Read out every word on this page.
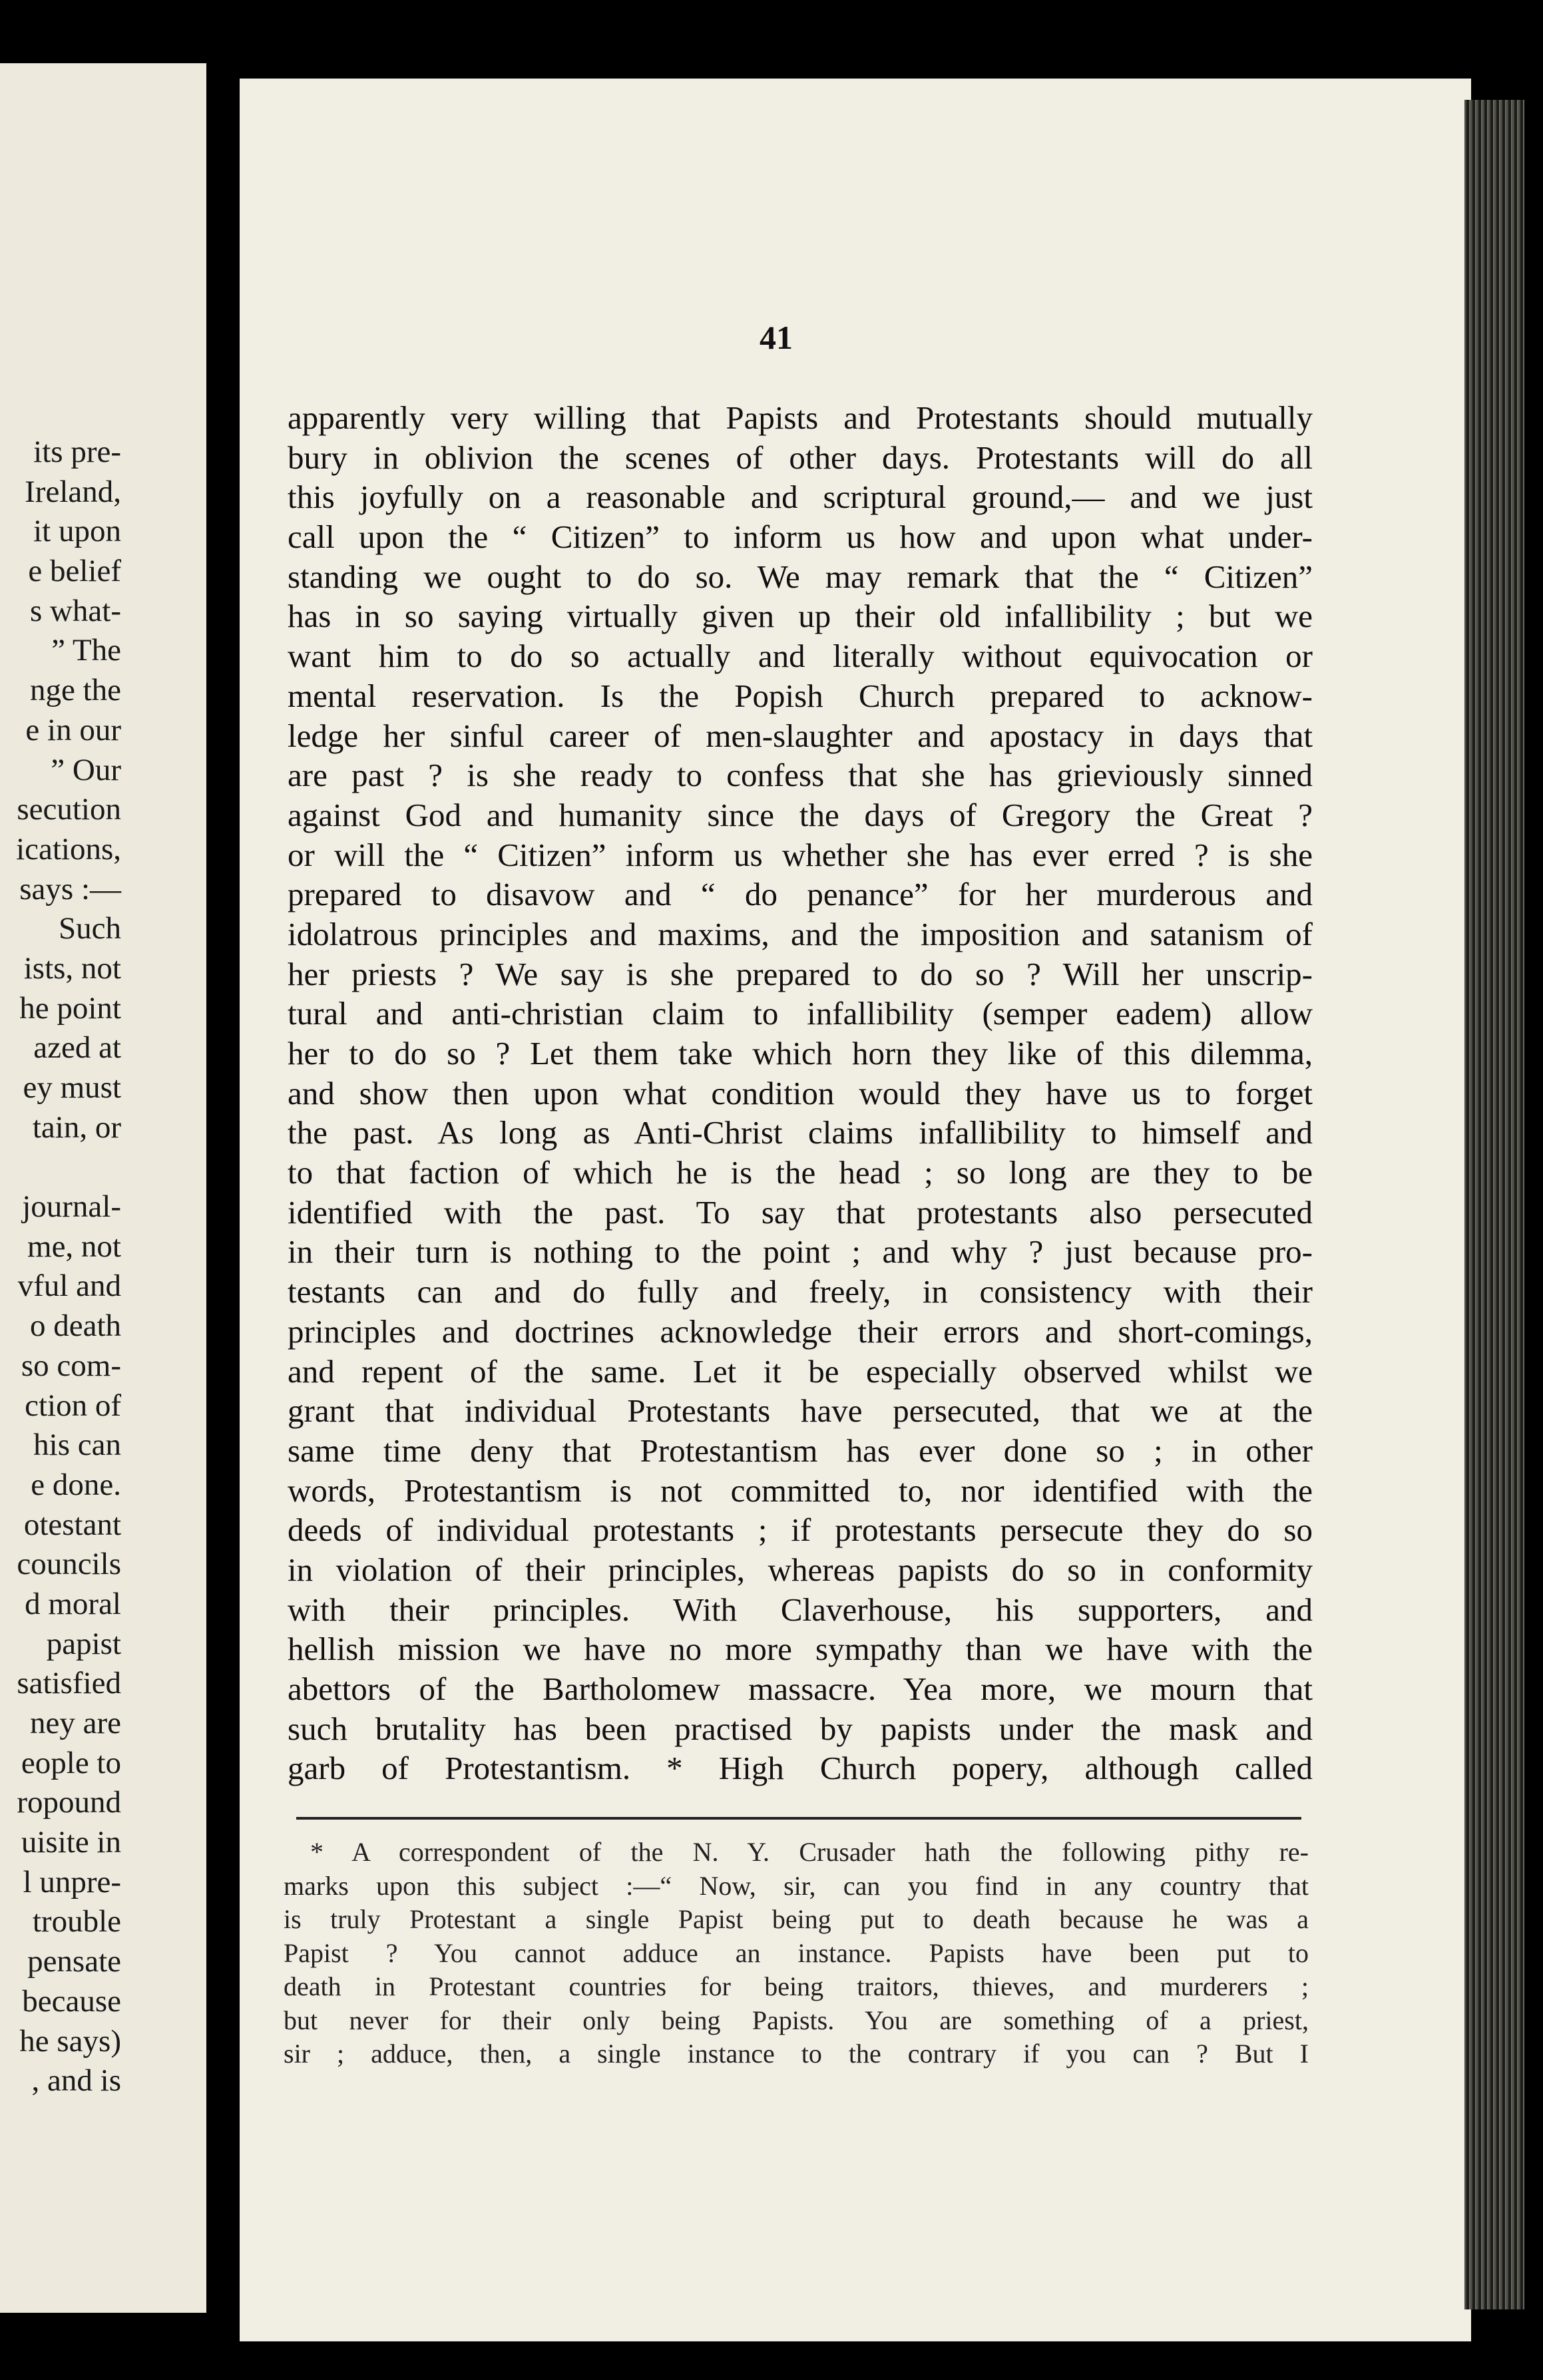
its pre-
Ireland,
it upon
e belief
s what-
” The
nge the
e in our
” Our
secution
ications,
says :—
Such
ists, not
he point
azed at
ey must
tain, or
journal-
me, not
vful and
o death
so com-
ction of
his can
e done.
otestant
councils
d moral
papist
satisfied
ney are
eople to
ropound
uisite in
l unpre-
trouble
pensate
because
he says)
, and is
41
apparently very willing that Papists and Protestants should mutually
bury in oblivion the scenes of other days. Protestants will do all
this joyfully on a reasonable and scriptural ground,— and we just
call upon the “ Citizen” to inform us how and upon what under-
standing we ought to do so. We may remark that the “ Citizen”
has in so saying virtually given up their old infallibility ; but we
want him to do so actually and literally without equivocation or
mental reservation. Is the Popish Church prepared to acknow-
ledge her sinful career of men-slaughter and apostacy in days that
are past ? is she ready to confess that she has grieviously sinned
against God and humanity since the days of Gregory the Great ?
or will the “ Citizen” inform us whether she has ever erred ? is she
prepared to disavow and “ do penance” for her murderous and
idolatrous principles and maxims, and the imposition and satanism of
her priests ? We say is she prepared to do so ? Will her unscrip-
tural and anti-christian claim to infallibility (semper eadem) allow
her to do so ? Let them take which horn they like of this dilemma,
and show then upon what condition would they have us to forget
the past. As long as Anti-Christ claims infallibility to himself and
to that faction of which he is the head ; so long are they to be
identified with the past. To say that protestants also persecuted
in their turn is nothing to the point ; and why ? just because pro-
testants can and do fully and freely, in consistency with their
principles and doctrines acknowledge their errors and short-comings,
and repent of the same. Let it be especially observed whilst we
grant that individual Protestants have persecuted, that we at the
same time deny that Protestantism has ever done so ; in other
words, Protestantism is not committed to, nor identified with the
deeds of individual protestants ; if protestants persecute they do so
in violation of their principles, whereas papists do so in conformity
with their principles. With Claverhouse, his supporters, and
hellish mission we have no more sympathy than we have with the
abettors of the Bartholomew massacre. Yea more, we mourn that
such brutality has been practised by papists under the mask and
garb of Protestantism. * High Church popery, although called
* A correspondent of the N. Y. Crusader hath the following pithy re-
marks upon this subject :—“ Now, sir, can you find in any country that
is truly Protestant a single Papist being put to death because he was a
Papist ? You cannot adduce an instance. Papists have been put to
death in Protestant countries for being traitors, thieves, and murderers ;
but never for their only being Papists. You are something of a priest,
sir ; adduce, then, a single instance to the contrary if you can ? But I
